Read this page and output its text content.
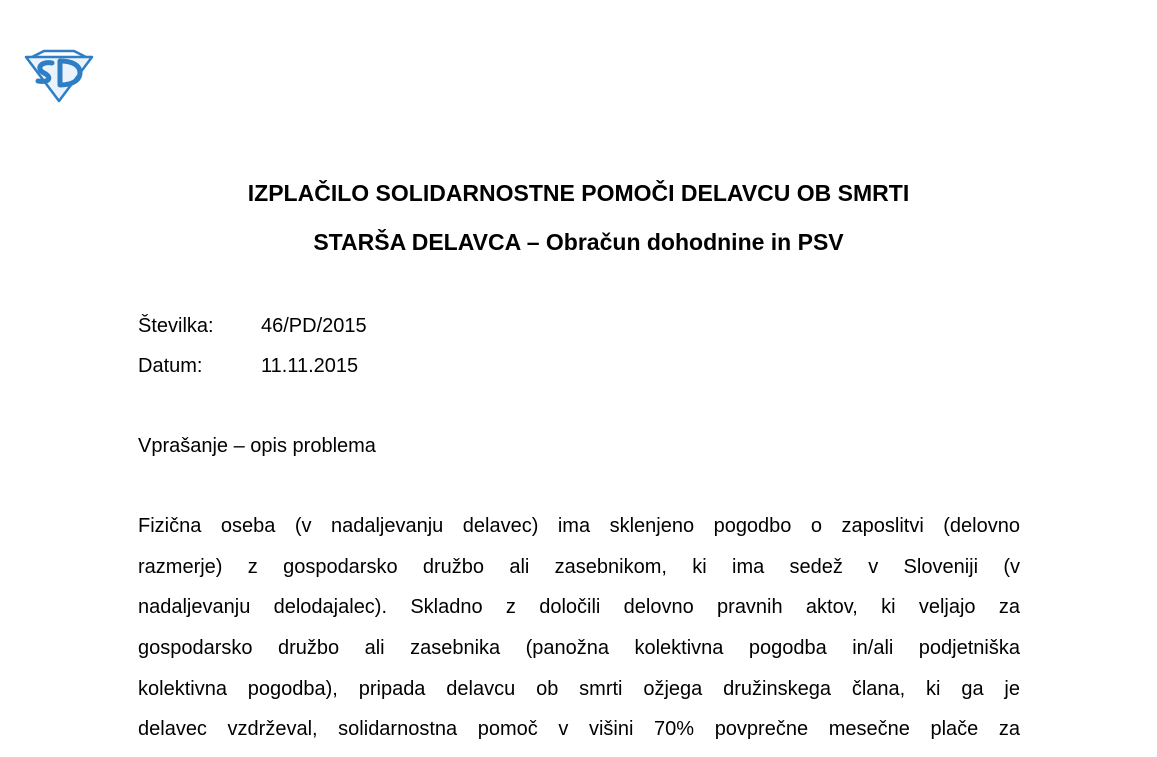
IZPLAČILO SOLIDARNOSTNE POMOČI DELAVCU OB SMRTI
STARŠA DELAVCA – Obračun dohodnine in PSV
Številka: 46/PD/2015
Datum:	11.11.2015
Vprašanje – opis problema
Fizična oseba (v nadaljevanju delavec) ima sklenjeno pogodbo o zaposlitvi (delovno
razmerje) z gospodarsko družbo ali zasebnikom, ki ima sedež v Sloveniji (v
nadaljevanju delodajalec). Skladno z določili delovno pravnih aktov, ki veljajo za
gospodarsko družbo ali zasebnika (panožna kolektivna pogodba in/ali podjetniška
kolektivna pogodba), pripada delavcu ob smrti ožjega družinskega člana, ki ga je
delavec vzdrževal, solidarnostna pomoč v višini 70% povprečne mesečne plače za
